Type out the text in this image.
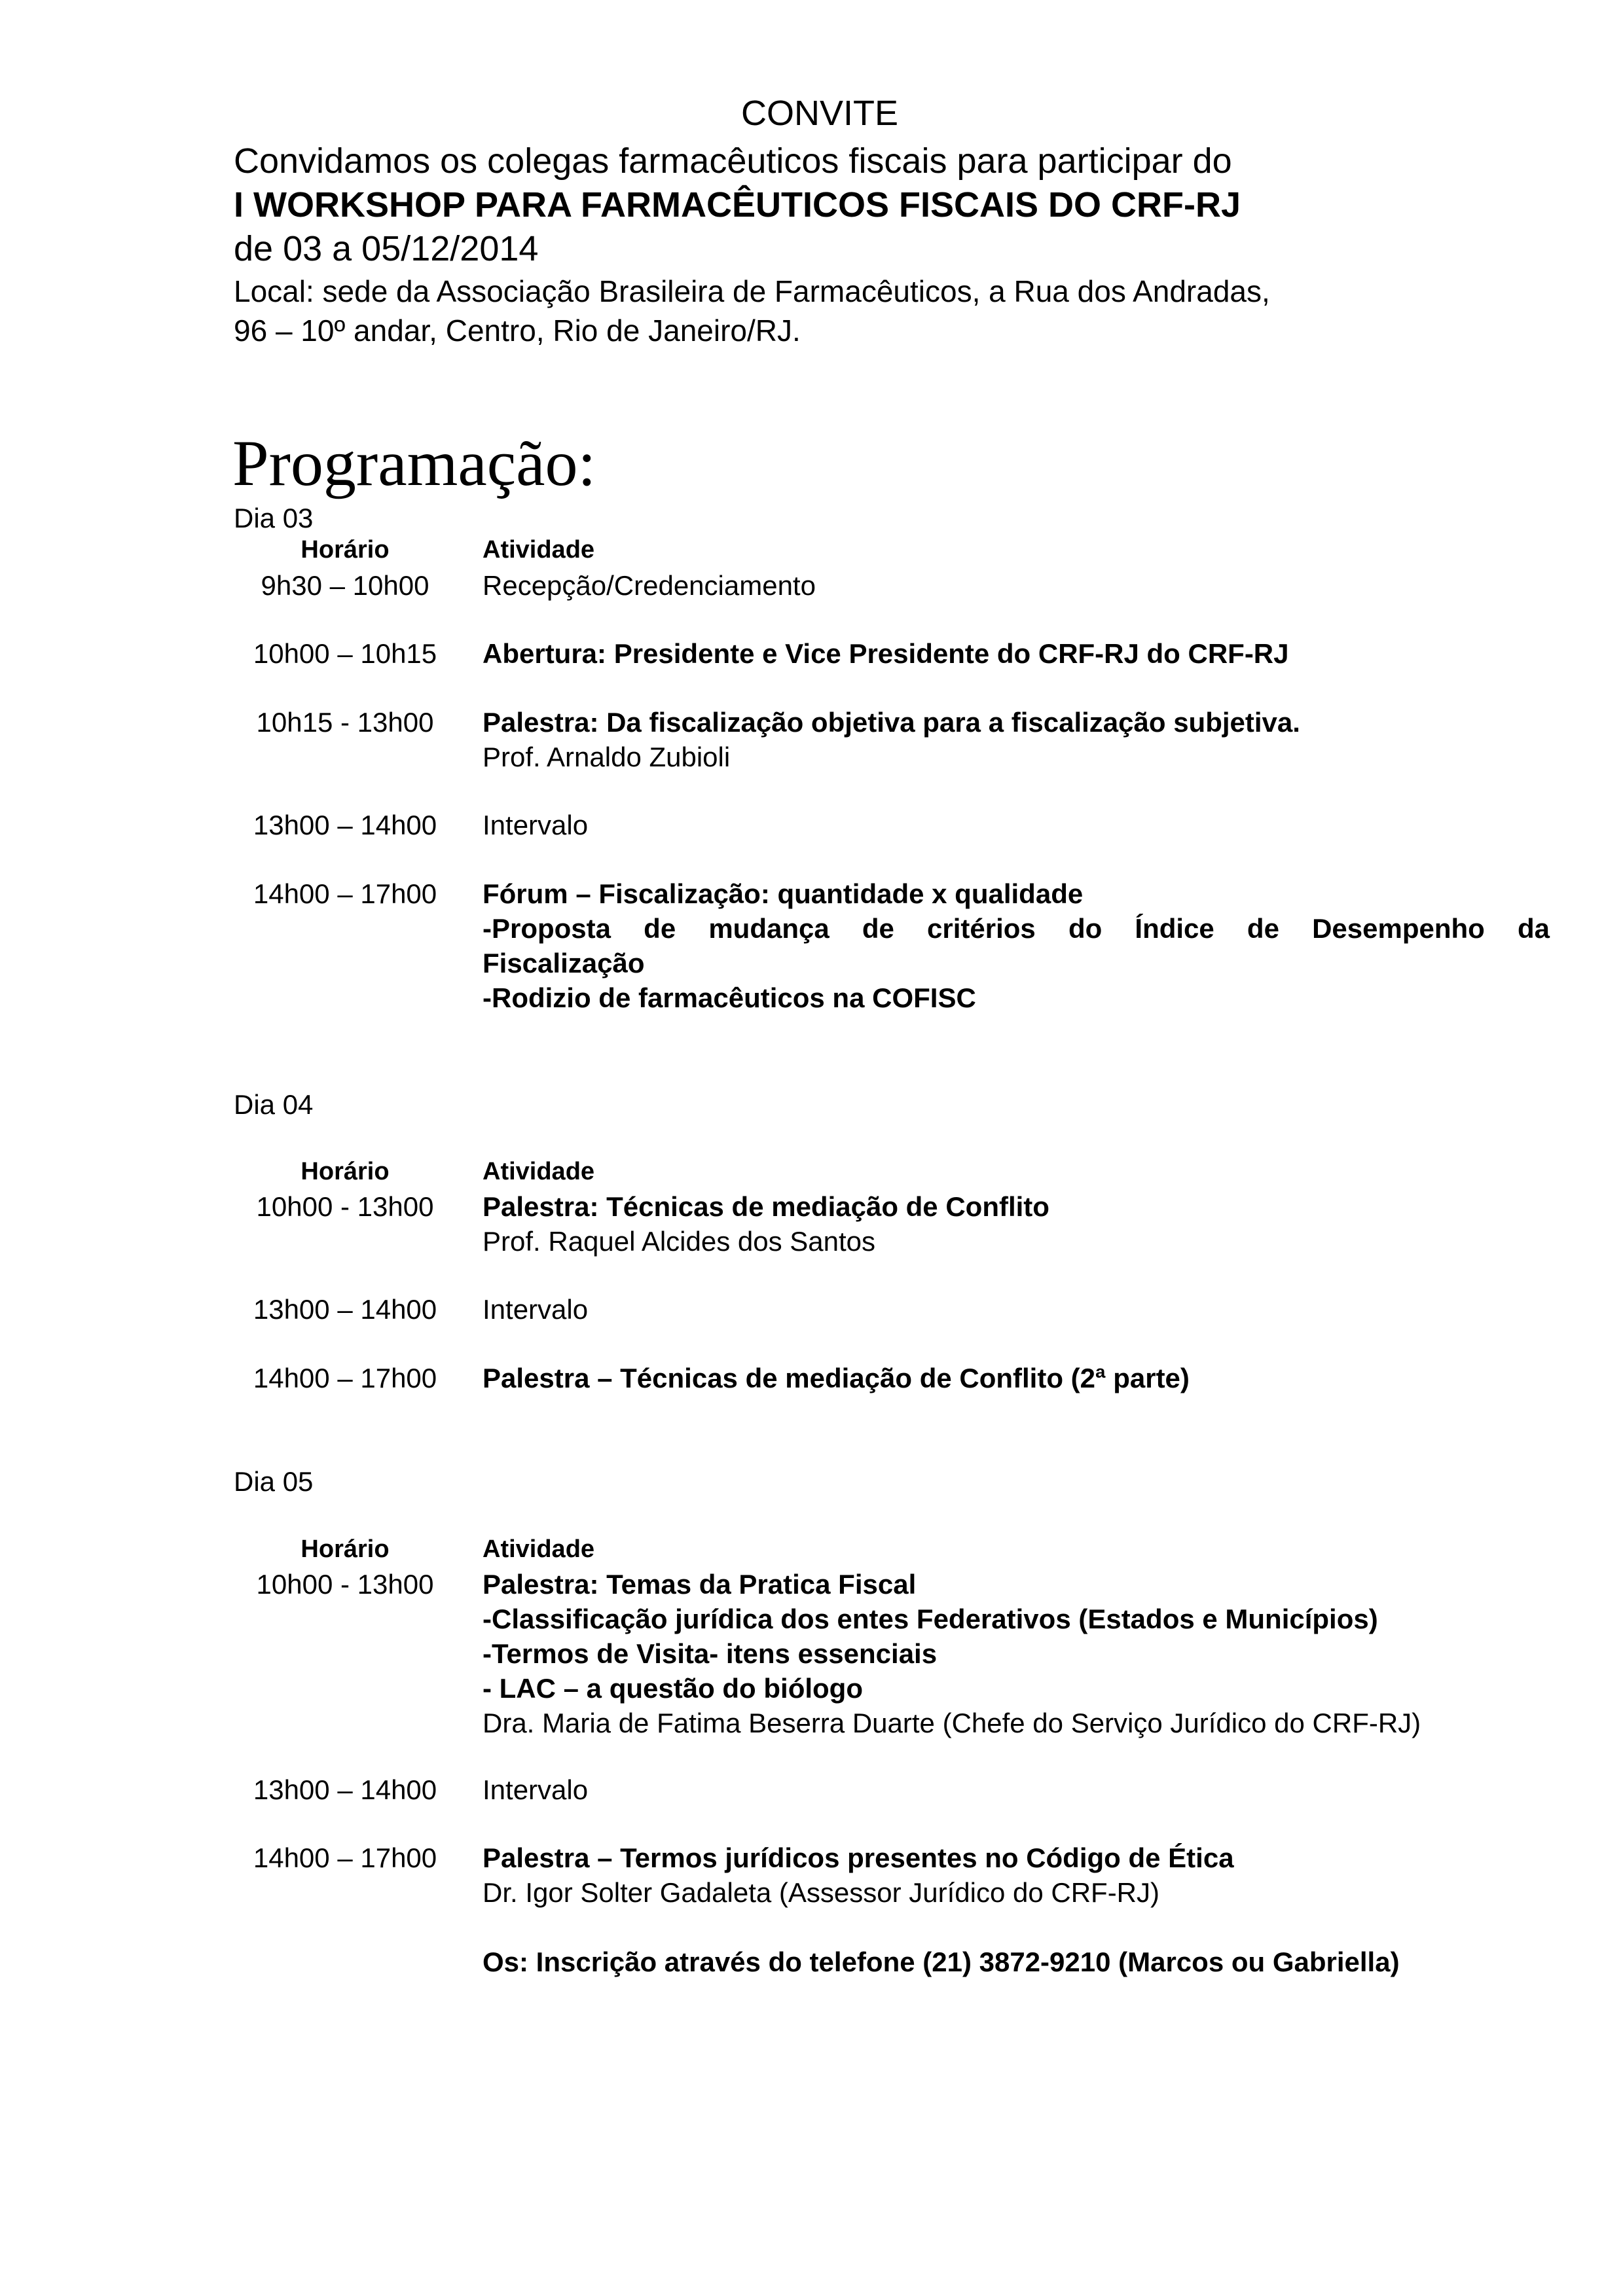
CONVITE
Convidamos os colegas farmacêuticos fiscais para participar do
I WORKSHOP PARA FARMACÊUTICOS FISCAIS DO CRF-RJ
de 03 a 05/12/2014
Local: sede da Associação Brasileira de Farmacêuticos, a Rua dos Andradas,
96 – 10º andar, Centro, Rio de Janeiro/RJ.
Programação:
Dia 03
Horário	Atividade
9h30 – 10h00	Recepção/Credenciamento
10h00 – 10h15	Abertura: Presidente e Vice Presidente do CRF-RJ do CRF-RJ
10h15 - 13h00	Palestra: Da fiscalização objetiva para a fiscalização subjetiva.
Prof. Arnaldo Zubioli
13h00 – 14h00	Intervalo
14h00 – 17h00	Fórum – Fiscalização: quantidade x qualidade
-Proposta de mudança de critérios do Índice de Desempenho da
Fiscalização
-Rodizio de farmacêuticos na COFISC
Dia 04
Horário	Atividade
10h00 - 13h00	Palestra: Técnicas de mediação de Conflito
Prof. Raquel Alcides dos Santos
13h00 – 14h00	Intervalo
14h00 – 17h00	Palestra – Técnicas de mediação de Conflito (2ª parte)
Dia 05
Horário	Atividade
10h00 - 13h00	Palestra: Temas da Pratica Fiscal
-Classificação jurídica dos entes Federativos (Estados e Municípios)
-Termos de Visita- itens essenciais
- LAC – a questão do biólogo
Dra. Maria de Fatima Beserra Duarte (Chefe do Serviço Jurídico do CRF-RJ)
13h00 – 14h00	Intervalo
14h00 – 17h00	Palestra – Termos jurídicos presentes no Código de Ética
Dr. Igor Solter Gadaleta (Assessor Jurídico do CRF-RJ)

Os: Inscrição através do telefone (21) 3872-9210 (Marcos ou Gabriella)
